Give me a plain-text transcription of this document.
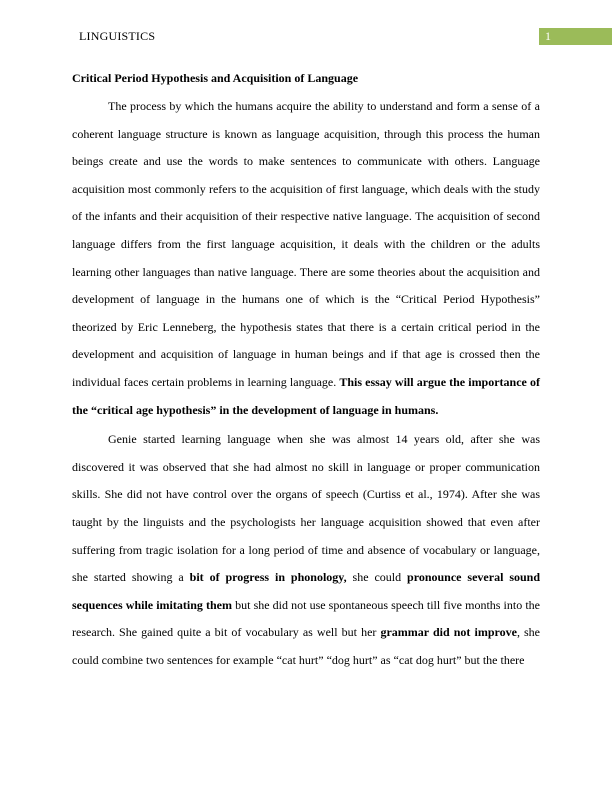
LINGUISTICS	1
Critical Period Hypothesis and Acquisition of Language

The process by which the humans acquire the ability to understand and form a sense of a coherent language structure is known as language acquisition, through this process the human beings create and use the words to make sentences to communicate with others. Language acquisition most commonly refers to the acquisition of first language, which deals with the study of the infants and their acquisition of their respective native language. The acquisition of second language differs from the first language acquisition, it deals with the children or the adults learning other languages than native language. There are some theories about the acquisition and development of language in the humans one of which is the “Critical Period Hypothesis” theorized by Eric Lenneberg, the hypothesis states that there is a certain critical period in the development and acquisition of language in human beings and if that age is crossed then the individual faces certain problems in learning language. This essay will argue the importance of the “critical age hypothesis” in the development of language in humans.

Genie started learning language when she was almost 14 years old, after she was discovered it was observed that she had almost no skill in language or proper communication skills. She did not have control over the organs of speech (Curtiss et al., 1974). After she was taught by the linguists and the psychologists her language acquisition showed that even after suffering from tragic isolation for a long period of time and absence of vocabulary or language, she started showing a bit of progress in phonology, she could pronounce several sound sequences while imitating them but she did not use spontaneous speech till five months into the research. She gained quite a bit of vocabulary as well but her grammar did not improve, she could combine two sentences for example “cat hurt” “dog hurt” as “cat dog hurt” but the there
